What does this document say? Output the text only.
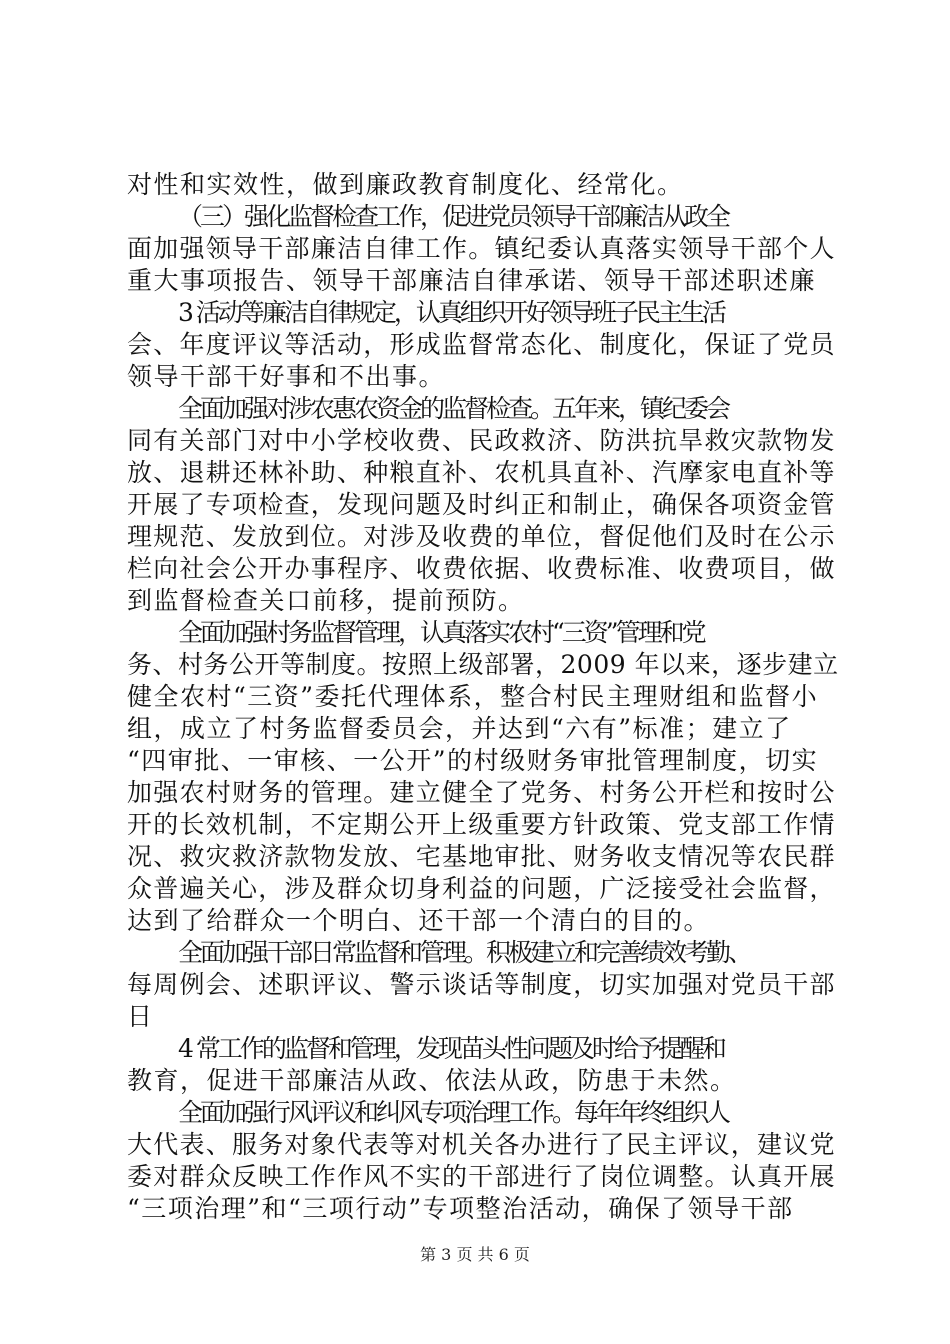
对性和实效性，做到廉政教育制度化、经常化。
（三）强化监督检查工作，促进党员领导干部廉洁从政全
面加强领导干部廉洁自律工作。镇纪委认真落实领导干部个人
重大事项报告、领导干部廉洁自律承诺、领导干部述职述廉
3 活动等廉洁自律规定，认真组织开好领导班子民主生活
会、年度评议等活动，形成监督常态化、制度化，保证了党员
领导干部干好事和不出事。
全面加强对涉农惠农资金的监督检查。五年来，镇纪委会
同有关部门对中小学校收费、民政救济、防洪抗旱救灾款物发
放、退耕还林补助、种粮直补、农机具直补、汽摩家电直补等
开展了专项检查，发现问题及时纠正和制止，确保各项资金管
理规范、发放到位。对涉及收费的单位，督促他们及时在公示
栏向社会公开办事程序、收费依据、收费标准、收费项目，做
到监督检查关口前移，提前预防。
全面加强村务监督管理，认真落实农村“三资”管理和党
务、村务公开等制度。按照上级部署，2009 年以来，逐步建立
健全农村“三资”委托代理体系，整合村民主理财组和监督小
组，成立了村务监督委员会，并达到“六有”标准；建立了
“四审批、一审核、一公开”的村级财务审批管理制度，切实
加强农村财务的管理。建立健全了党务、村务公开栏和按时公
开的长效机制，不定期公开上级重要方针政策、党支部工作情
况、救灾救济款物发放、宅基地审批、财务收支情况等农民群
众普遍关心，涉及群众切身利益的问题，广泛接受社会监督，
达到了给群众一个明白、还干部一个清白的目的。
全面加强干部日常监督和管理。积极建立和完善绩效考勤、
每周例会、述职评议、警示谈话等制度，切实加强对党员干部
日
4 常工作的监督和管理，发现苗头性问题及时给予提醒和
教育，促进干部廉洁从政、依法从政，防患于未然。
全面加强行风评议和纠风专项治理工作。每年年终组织人
大代表、服务对象代表等对机关各办进行了民主评议，建议党
委对群众反映工作作风不实的干部进行了岗位调整。认真开展
“三项治理”和“三项行动”专项整治活动，确保了领导干部
第 3 页 共 6 页
